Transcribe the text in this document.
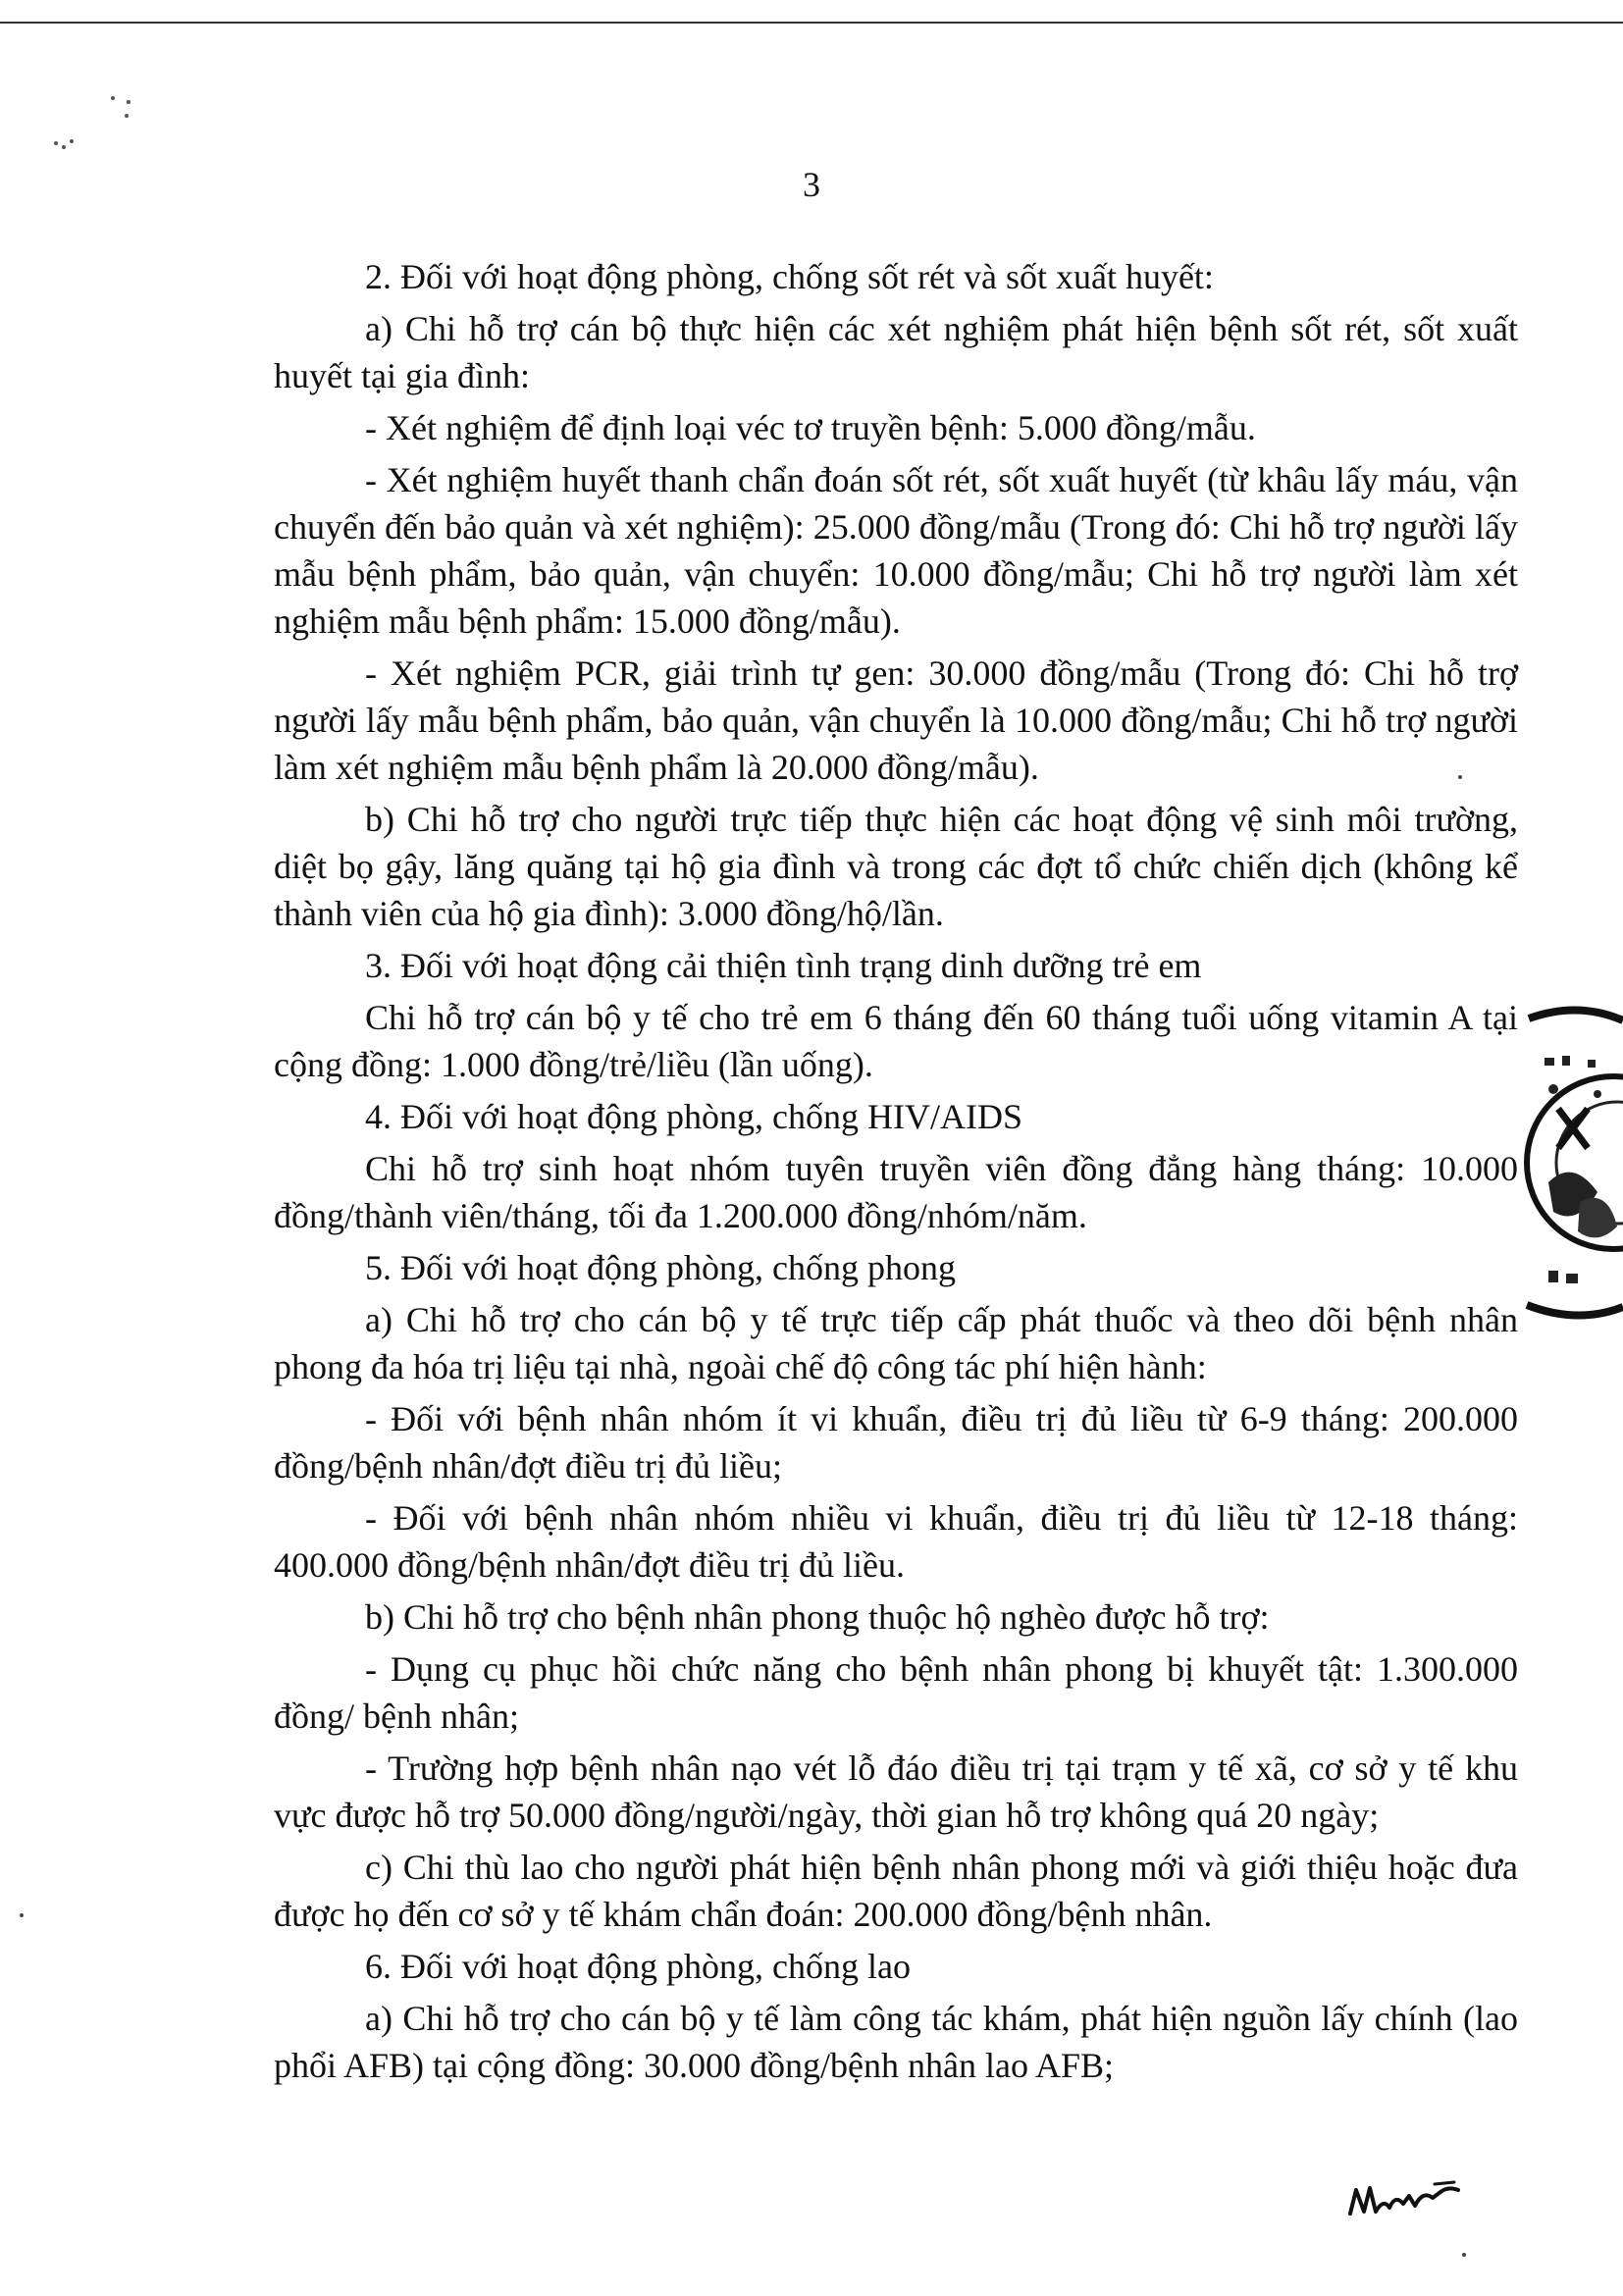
3

2. Đối với hoạt động phòng, chống sốt rét và sốt xuất huyết:

a) Chi hỗ trợ cán bộ thực hiện các xét nghiệm phát hiện bệnh sốt rét, sốt xuất huyết tại gia đình:

- Xét nghiệm để định loại véc tơ truyền bệnh: 5.000 đồng/mẫu.

- Xét nghiệm huyết thanh chẩn đoán sốt rét, sốt xuất huyết (từ khâu lấy máu, vận chuyển đến bảo quản và xét nghiệm): 25.000 đồng/mẫu (Trong đó: Chi hỗ trợ người lấy mẫu bệnh phẩm, bảo quản, vận chuyển: 10.000 đồng/mẫu; Chi hỗ trợ người làm xét nghiệm mẫu bệnh phẩm: 15.000 đồng/mẫu).

- Xét nghiệm PCR, giải trình tự gen: 30.000 đồng/mẫu (Trong đó: Chi hỗ trợ người lấy mẫu bệnh phẩm, bảo quản, vận chuyển là 10.000 đồng/mẫu; Chi hỗ trợ người làm xét nghiệm mẫu bệnh phẩm là 20.000 đồng/mẫu).

b) Chi hỗ trợ cho người trực tiếp thực hiện các hoạt động vệ sinh môi trường, diệt bọ gậy, lăng quăng tại hộ gia đình và trong các đợt tổ chức chiến dịch (không kể thành viên của hộ gia đình): 3.000 đồng/hộ/lần.

3. Đối với hoạt động cải thiện tình trạng dinh dưỡng trẻ em

Chi hỗ trợ cán bộ y tế cho trẻ em 6 tháng đến 60 tháng tuổi uống vitamin A tại cộng đồng: 1.000 đồng/trẻ/liều (lần uống).

4. Đối với hoạt động phòng, chống HIV/AIDS

Chi hỗ trợ sinh hoạt nhóm tuyên truyền viên đồng đẳng hàng tháng: 10.000 đồng/thành viên/tháng, tối đa 1.200.000 đồng/nhóm/năm.

5. Đối với hoạt động phòng, chống phong

a) Chi hỗ trợ cho cán bộ y tế trực tiếp cấp phát thuốc và theo dõi bệnh nhân phong đa hóa trị liệu tại nhà, ngoài chế độ công tác phí hiện hành:

- Đối với bệnh nhân nhóm ít vi khuẩn, điều trị đủ liều từ 6-9 tháng: 200.000 đồng/bệnh nhân/đợt điều trị đủ liều;

- Đối với bệnh nhân nhóm nhiều vi khuẩn, điều trị đủ liều từ 12-18 tháng: 400.000 đồng/bệnh nhân/đợt điều trị đủ liều.

b) Chi hỗ trợ cho bệnh nhân phong thuộc hộ nghèo được hỗ trợ:

- Dụng cụ phục hồi chức năng cho bệnh nhân phong bị khuyết tật: 1.300.000 đồng/ bệnh nhân;

- Trường hợp bệnh nhân nạo vét lỗ đáo điều trị tại trạm y tế xã, cơ sở y tế khu vực được hỗ trợ 50.000 đồng/người/ngày, thời gian hỗ trợ không quá 20 ngày;

c) Chi thù lao cho người phát hiện bệnh nhân phong mới và giới thiệu hoặc đưa được họ đến cơ sở y tế khám chẩn đoán: 200.000 đồng/bệnh nhân.

6. Đối với hoạt động phòng, chống lao

a) Chi hỗ trợ cho cán bộ y tế làm công tác khám, phát hiện nguồn lấy chính (lao phổi AFB) tại cộng đồng: 30.000 đồng/bệnh nhân lao AFB;
